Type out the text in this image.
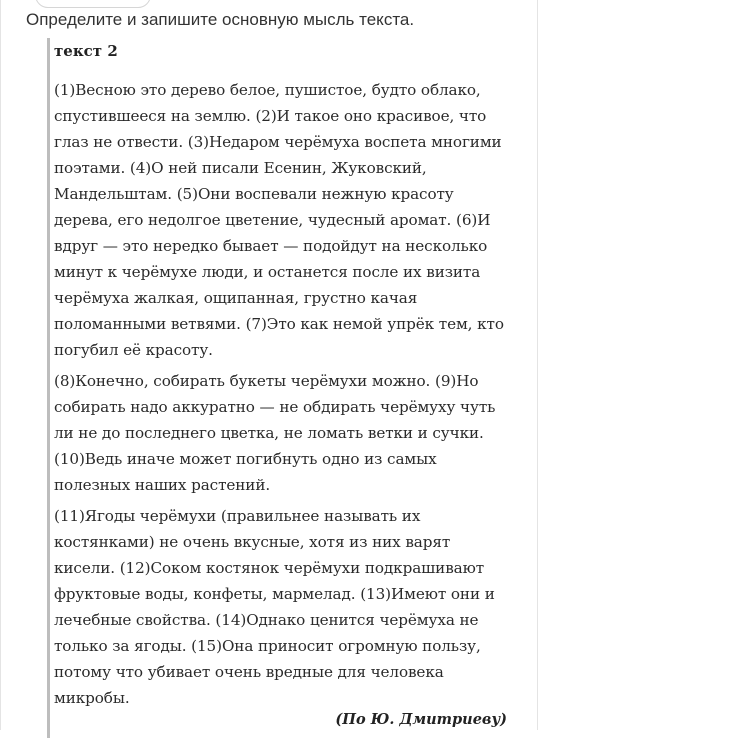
Определите и запишите основную мысль текста.
текст 2

(1)Весною это дерево белое, пушистое, будто облако, спустившееся на землю. (2)И такое оно красивое, что глаз не отвести. (3)Недаром черёмуха воспета многими поэтами. (4)О ней писали Есенин, Жуковский, Мандельштам. (5)Они воспевали нежную красоту дерева, его недолгое цветение, чудесный аромат. (6)И вдруг — это нередко бывает — подойдут на несколько минут к черёмухе люди, и останется после их визита черёмуха жалкая, ощипанная, грустно качая поломанными ветвями. (7)Это как немой упрёк тем, кто погубил её красоту.

(8)Конечно, собирать букеты черёмухи можно. (9)Но собирать надо аккуратно — не обдирать черёмуху чуть ли не до последнего цветка, не ломать ветки и сучки. (10)Ведь иначе может погибнуть одно из самых полезных наших растений.

(11)Ягоды черёмухи (правильнее называть их костянками) не очень вкусные, хотя из них варят кисели. (12)Соком костянок черёмухи подкрашивают фруктовые воды, конфеты, мармелад. (13)Имеют они и лечебные свойства. (14)Однако ценится черёмуха не только за ягоды. (15)Она приносит огромную пользу, потому что убивает очень вредные для человека микробы.

(По Ю. Дмитриеву)
